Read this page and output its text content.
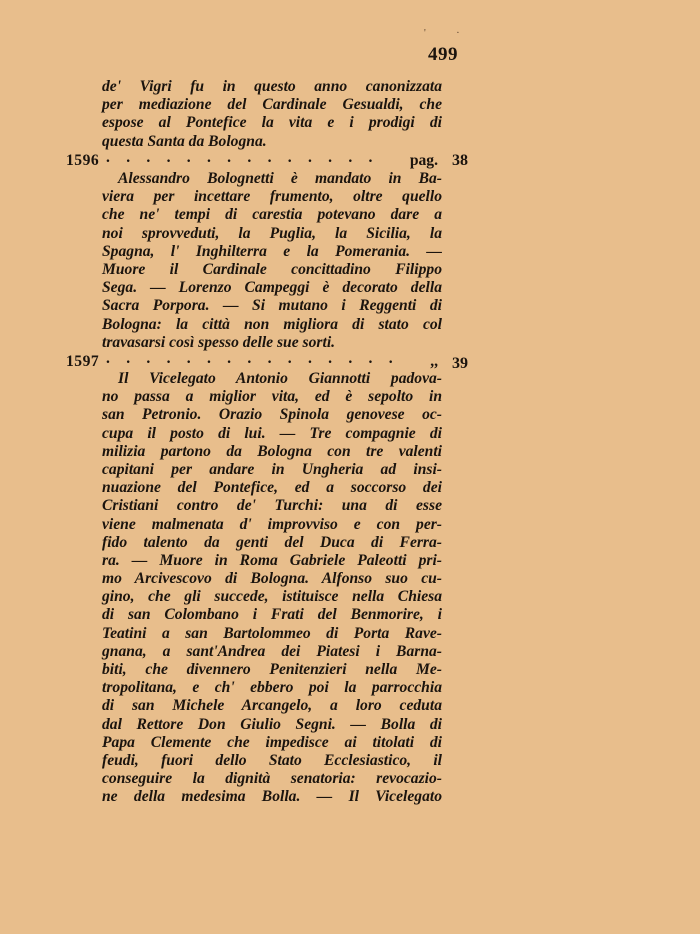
' ·
499
de' Vigri fu in questo anno canonizzata
per mediazione del Cardinale Gesualdi, che
espose al Pontefice la vita e i prodigi di
questa Santa da Bologna.
1596 . . . . . . . . . . . . . . pag. 38
Alessandro Bolognetti è mandato in Ba-
viera per incettare frumento, oltre quello
che ne' tempi di carestia potevano dare a
noi sprovveduti, la Puglia, la Sicilia, la
Spagna, l' Inghilterra e la Pomerania. —
Muore il Cardinale concittadino Filippo
Sega. — Lorenzo Campeggi è decorato della
Sacra Porpora. — Si mutano i Reggenti di
Bologna: la città non migliora di stato col
travasarsi così spesso delle sue sorti.
1597 . . . . . . . . . . . . . . . ,, 39
Il Vicelegato Antonio Giannotti padova-
no passa a miglior vita, ed è sepolto in
san Petronio. Orazio Spinola genovese oc-
cupa il posto di lui. — Tre compagnie di
milizia partono da Bologna con tre valenti
capitani per andare in Ungheria ad insi-
nuazione del Pontefice, ed a soccorso dei
Cristiani contro de' Turchi: una di esse
viene malmenata d' improvviso e con per-
fido talento da genti del Duca di Ferra-
ra. — Muore in Roma Gabriele Paleotti pri-
mo Arcivescovo di Bologna. Alfonso suo cu-
gino, che gli succede, istituisce nella Chiesa
di san Colombano i Frati del Benmorire, i
Teatini a san Bartolommeo di Porta Rave-
gnana, a sant'Andrea dei Piatesi i Barna-
biti, che divennero Penitenzieri nella Me-
tropolitana, e ch' ebbero poi la parrocchia
di san Michele Arcangelo, a loro ceduta
dal Rettore Don Giulio Segni. — Bolla di
Papa Clemente che impedisce ai titolati di
feudi, fuori dello Stato Ecclesiastico, il
conseguire la dignità senatoria: revocazio-
ne della medesima Bolla. — Il Vicelegato
